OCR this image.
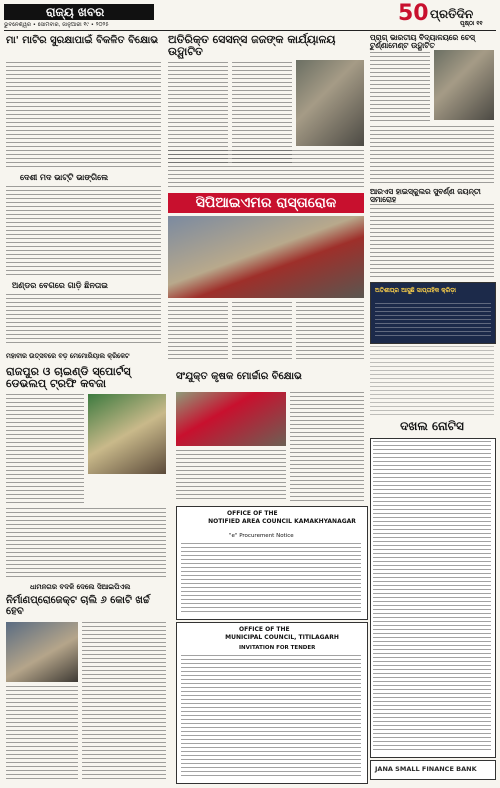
ରାଜ୍ୟ ଖବର
ଭୁବନେଶ୍ୱର • ସୋମବାର, ଜାନୁଆରୀ ୧୯ • ୨୦୨୫	50 ପ୍ରତିଦିନ
ପୃଷ୍ଠା ୧୧
ମା' ମାଟିର ସୁରକ୍ଷାପାଇଁ ବିକଳିତ ବିକ୍ଷୋଭ
ଦେଶୀ ମଦ ଭାଟ୍ଟି ଭାଙ୍ଗିଲେ
ଅଣ୍ଡର ବେଗରେ ଗାଡ଼ି ଛିନତାଇ
ଅତିରିକ୍ତ ସେସନ୍ସ ଜଜଙ୍କ କାର୍ଯ୍ୟାଳୟ ଉଦ୍ଘାଟିତ
ପ୍ରାଗ୍ ଭାରତୀୟ ବିଦ୍ୟାଳୟରେ ଚେସ୍ ଟୁର୍ଣ୍ଣାମେଣ୍ଟ ଉଦ୍ଘାଟିତ
ସିପିଆଇଏମର ରାସ୍ତାରୋକ
ଆରଏସ ହାଇସ୍କୁଲର ସୁବର୍ଣ୍ଣ ଜୟନ୍ତୀ ସମାରୋହ
ଅତିଶୀଘ୍ର ଆସୁଛି ସାପ୍ତାହିକ କ୍ରିଡ଼ା
ମହାବୀର ଉତ୍ସବରେ ବଡ଼ ମେମୋରିୟାଲ କ୍ରିକେଟ
ରାଜପୁର ଓ ଚାଇଣ୍ଡି ସ୍ପୋର୍ଟସ୍ ଡେଭଲପ୍ ଟ୍ରଫି କବଜା
ସଂଯୁକ୍ତ କୃଷକ ମୋର୍ଚ୍ଚାର ବିକ୍ଷୋଭ
OFFICE OF THE
NOTIFIED AREA COUNCIL KAMAKHYANAGAR
"e" Procurement Notice
OFFICE OF THE
MUNICIPAL COUNCIL, TITILAGARH
INVITATION FOR TENDER
ଧାମନଗର ବଦଳି ଦେଲେ ସିଆଇପିଏଲ
ନିର୍ମାଣପ୍ରୋଜେକ୍ଟ ଚାଲି ୬ କୋଟି ଖର୍ଚ୍ଚ ହେବ
ଦଖଲ ନୋଟିସ
JANA SMALL FINANCE BANK
